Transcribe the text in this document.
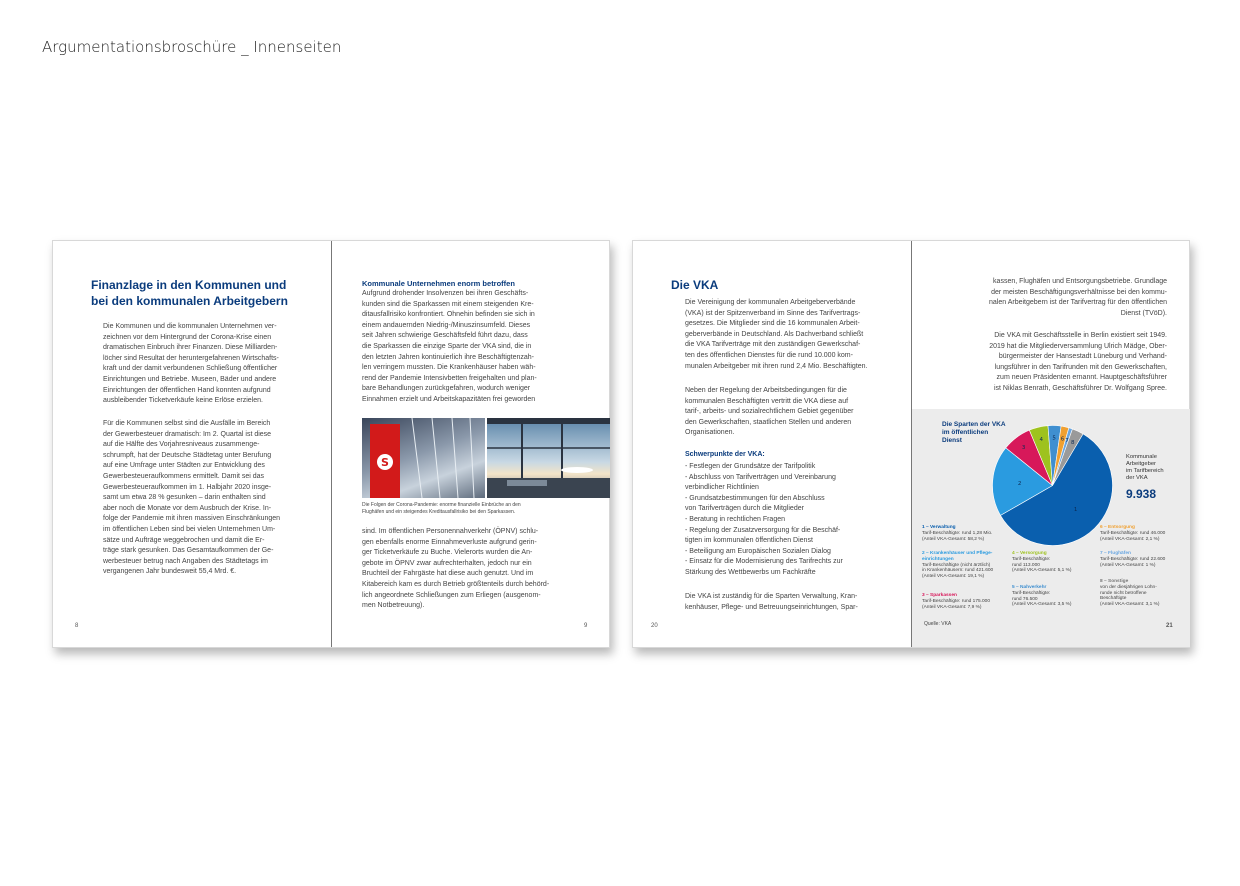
Argumentationsbroschüre _ Innenseiten
Finanzlage in den Kommunen und
bei den kommunalen Arbeitgebern
Die Kommunen und die kommunalen Unternehmen ver-
zeichnen vor dem Hintergrund der Corona-Krise einen
dramatischen Einbruch ihrer Finanzen. Diese Milliarden-
löcher sind Resultat der heruntergefahrenen Wirtschafts-
kraft und der damit verbundenen Schließung öffentlicher
Einrichtungen und Betriebe. Museen, Bäder und andere
Einrichtungen der öffentlichen Hand konnten aufgrund
ausbleibender Ticketverkäufe keine Erlöse erzielen.
Für die Kommunen selbst sind die Ausfälle im Bereich
der Gewerbesteuer dramatisch: Im 2. Quartal ist diese
auf die Hälfte des Vorjahresniveaus zusammenge-
schrumpft, hat der Deutsche Städtetag unter Berufung
auf eine Umfrage unter Städten zur Entwicklung des
Gewerbesteueraufkommens ermittelt. Damit sei das
Gewerbesteueraufkommen im 1. Halbjahr 2020 insge-
samt um etwa 28 % gesunken – darin enthalten sind
aber noch die Monate vor dem Ausbruch der Krise. In-
folge der Pandemie mit ihren massiven Einschränkungen
im öffentlichen Leben sind bei vielen Unternehmen Um-
sätze und Aufträge weggebrochen und damit die Er-
träge stark gesunken. Das Gesamtaufkommen der Ge-
werbesteuer betrug nach Angaben des Städtetags im
vergangenen Jahr bundesweit 55,4 Mrd. €.
8
Kommunale Unternehmen enorm betroffen
Aufgrund drohender Insolvenzen bei ihren Geschäfts-
kunden sind die Sparkassen mit einem steigenden Kre-
ditausfallrisiko konfrontiert. Ohnehin befinden sie sich in
einem andauernden Niedrig-/Minuszinsumfeld. Dieses
seit Jahren schwierige Geschäftsfeld führt dazu, dass
die Sparkassen die einzige Sparte der VKA sind, die in
den letzten Jahren kontinuierlich ihre Beschäftigtenzah-
len verringern mussten. Die Krankenhäuser haben wäh-
rend der Pandemie Intensivbetten freigehalten und plan-
bare Behandlungen zurückgefahren, wodurch weniger
Einnahmen erzielt und Arbeitskapazitäten frei geworden
S
Die Folgen der Corona-Pandemie: enorme finanzielle Einbrüche an den
Flughäfen und ein steigendes Kreditausfallrisiko bei den Sparkassen.
sind. Im öffentlichen Personennahverkehr (ÖPNV) schlu-
gen ebenfalls enorme Einnahmeverluste aufgrund gerin-
ger Ticketverkäufe zu Buche. Vielerorts wurden die An-
gebote im ÖPNV zwar aufrechterhalten, jedoch nur ein
Bruchteil der Fahrgäste hat diese auch genutzt. Und im
Kitabereich kam es durch Betrieb größtenteils durch behörd-
lich angeordnete Schließungen zum Erliegen (ausgenom-
men Notbetreuung).
9
Die VKA
Die Vereinigung der kommunalen Arbeitgeberverbände
(VKA) ist der Spitzenverband im Sinne des Tarifvertrags-
gesetzes. Die Mitglieder sind die 16 kommunalen Arbeit-
geberverbände in Deutschland. Als Dachverband schließt
die VKA Tarifverträge mit den zuständigen Gewerkschaf-
ten des öffentlichen Dienstes für die rund 10.000 kom-
munalen Arbeitgeber mit ihren rund 2,4 Mio. Beschäftigten.
Neben der Regelung der Arbeitsbedingungen für die
kommunalen Beschäftigten vertritt die VKA diese auf
tarif-, arbeits- und sozialrechtlichem Gebiet gegenüber
den Gewerkschaften, staatlichen Stellen und anderen
Organisationen.
Schwerpunkte der VKA:
- Festlegen der Grundsätze der Tarifpolitik
- Abschluss von Tarifverträgen und Vereinbarung
verbindlicher Richtlinien
- Grundsatzbestimmungen für den Abschluss
von Tarifverträgen durch die Mitglieder
- Beratung in rechtlichen Fragen
- Regelung der Zusatzversorgung für die Beschäf-
tigten im kommunalen öffentlichen Dienst
- Beteiligung am Europäischen Sozialen Dialog
- Einsatz für die Modernisierung des Tarifrechts zur
Stärkung des Wettbewerbs um Fachkräfte
Die VKA ist zuständig für die Sparten Verwaltung, Kran-
kenhäuser, Pflege- und Betreuungseinrichtungen, Spar-
20
kassen, Flughäfen und Entsorgungsbetriebe. Grundlage
der meisten Beschäftigungsverhältnisse bei den kommu-
nalen Arbeitgebern ist der Tarifvertrag für den öffentlichen
Dienst (TVöD).
Die VKA mit Geschäftsstelle in Berlin existiert seit 1949.
2019 hat die Mitgliederversammlung Ulrich Mädge, Ober-
bürgermeister der Hansestadt Lüneburg und Verhand-
lungsführer in den Tarifrunden mit den Gewerkschaften,
zum neuen Präsidenten ernannt. Hauptgeschäftsführer
ist Niklas Benrath, Geschäftsführer Dr. Wolfgang Spree.
Die Sparten der VKA
im öffentlichen
Dienst
1
2
3
4 5 6 7 8
Kommunale
Arbeitgeber
im Tarifbereich
der VKA
9.938
1 – Verwaltung
Tarif-Beschäftigte: rund 1,28 Mio.
(Anteil VKA-Gesamt: 58,2 %)
2 – Krankenhäuser und Pflege-
einrichtungen
Tarif-Beschäftigte (nicht ärztlich)
in Krankenhäusern: rund 421.600
(Anteil VKA-Gesamt: 19,1 %)
3 – Sparkassen
Tarif-Beschäftigte: rund 175.000
(Anteil VKA-Gesamt: 7,9 %)
4 – Versorgung
Tarif-Beschäftigte:
rund 113.000
(Anteil VKA-Gesamt: 5,1 %)
5 – Nahverkehr
Tarif-Beschäftigte:
rund 76.500
(Anteil VKA-Gesamt: 3,5 %)
6 – Entsorgung
Tarif-Beschäftigte: rund 46.000
(Anteil VKA-Gesamt: 2,1 %)
7 – Flughäfen
Tarif-Beschäftigte: rund 22.600
(Anteil VKA-Gesamt: 1 %)
8 – Sonstige
von der diesjährigen Lohn-
runde nicht betroffene
Beschäftigte
(Anteil VKA-Gesamt: 3,1 %)
Quelle: VKA	21
